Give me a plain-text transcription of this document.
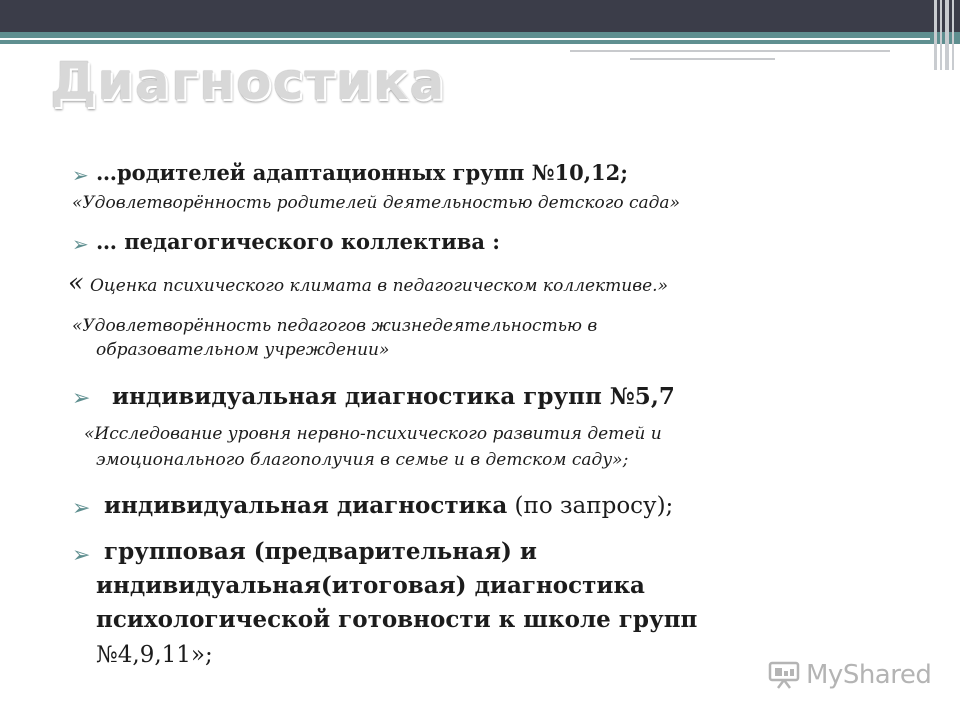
Диагностика
➢ …родителей адаптационных групп №10,12;
«Удовлетворённость родителей деятельностью детского сада»
➢ … педагогического коллектива :
« Оценка психического климата в педагогическом коллективе.»
«Удовлетворённость педагогов жизнедеятельностью в
образовательном учреждении»
➢ индивидуальная диагностика групп №5,7
«Исследование уровня нервно-психического развития детей и
эмоционального благополучия в семье и в детском саду»;
➢ индивидуальная диагностика (по запросу);
➢ групповая (предварительная) и
индивидуальная(итоговая) диагностика
психологической готовности к школе групп
№4,9,11»;
MyShared
